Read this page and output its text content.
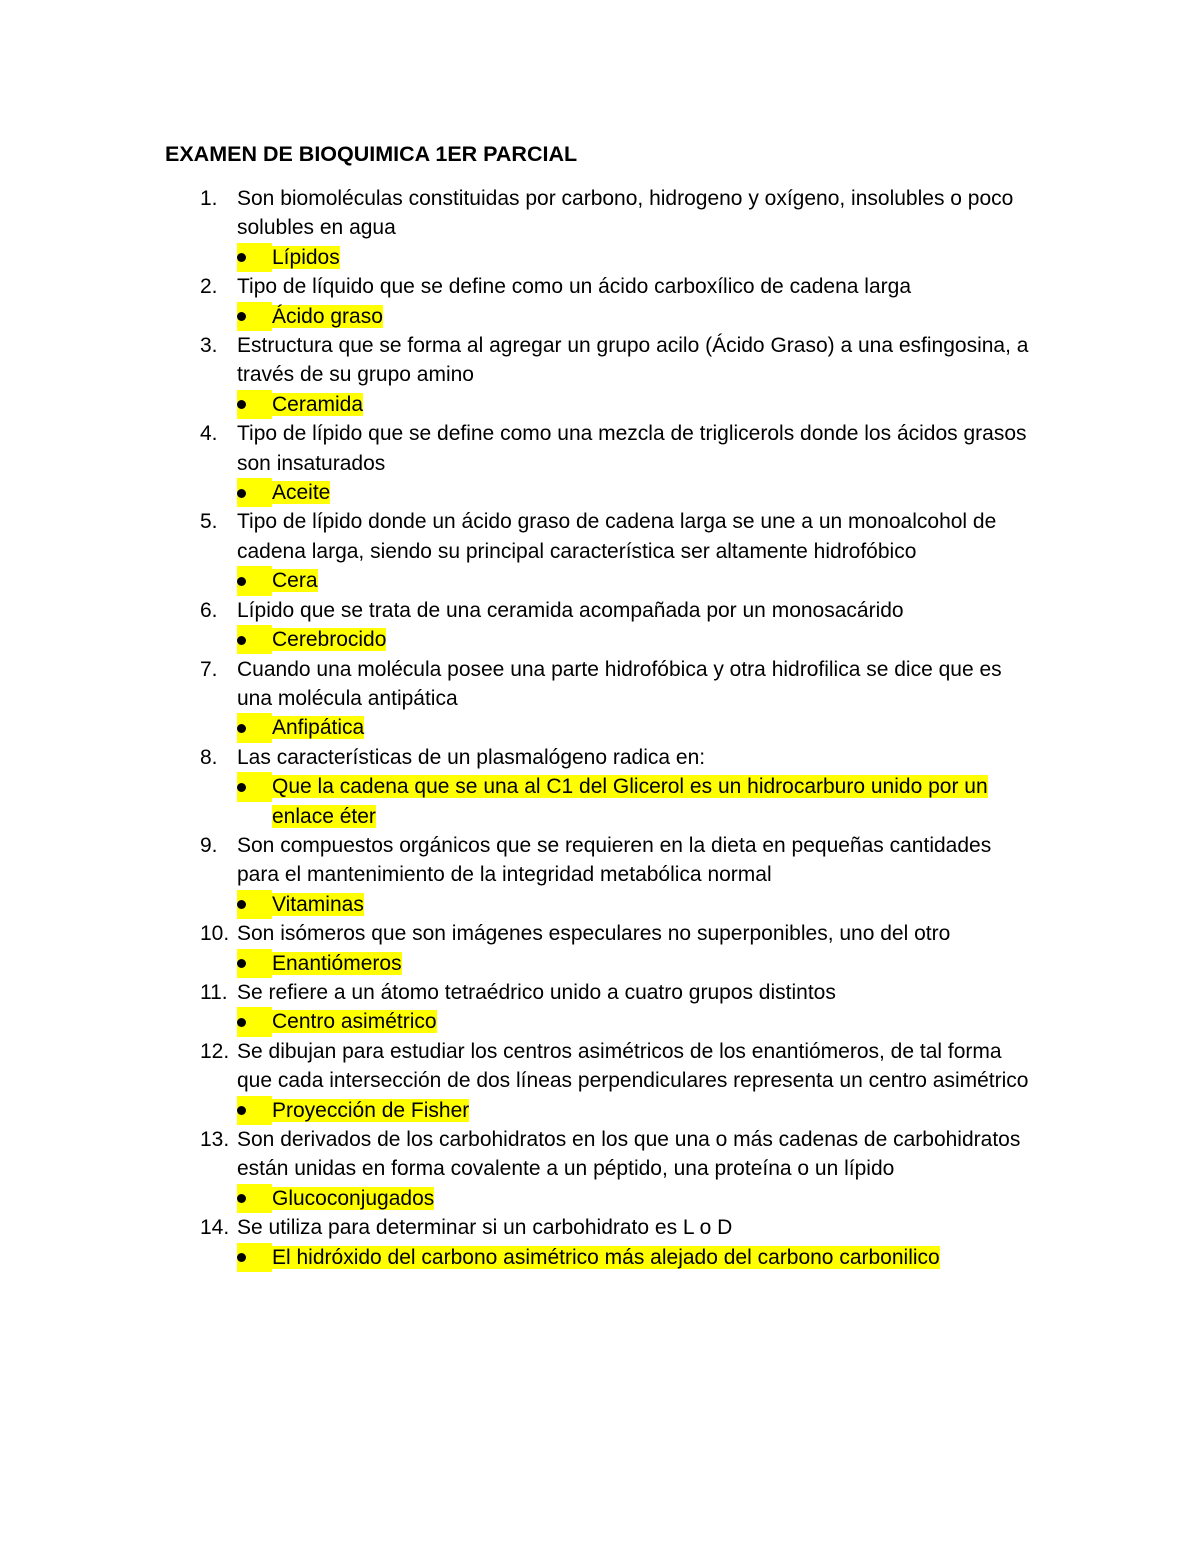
EXAMEN DE BIOQUIMICA 1ER PARCIAL
1. Son biomoléculas constituidas por carbono, hidrogeno y oxígeno, insolubles o poco solubles en agua
Lípidos
2. Tipo de líquido que se define como un ácido carboxílico de cadena larga
Ácido graso
3. Estructura que se forma al agregar un grupo acilo (Ácido Graso) a una esfingosina, a través de su grupo amino
Ceramida
4. Tipo de lípido que se define como una mezcla de triglicerols donde los ácidos grasos son insaturados
Aceite
5. Tipo de lípido donde un ácido graso de cadena larga se une a un monoalcohol de cadena larga, siendo su principal característica ser altamente hidrofóbico
Cera
6. Lípido que se trata de una ceramida acompañada por un monosacárido
Cerebrocido
7. Cuando una molécula posee una parte hidrofóbica y otra hidrofilica se dice que es una molécula antipática
Anfipática
8. Las características de un plasmalógeno radica en:
Que la cadena que se una al C1 del Glicerol es un hidrocarburo unido por un enlace éter
9. Son compuestos orgánicos que se requieren en la dieta en pequeñas cantidades para el mantenimiento de la integridad metabólica normal
Vitaminas
10. Son isómeros que son imágenes especulares no superponibles, uno del otro
Enantiómeros
11. Se refiere a un átomo tetraédrico unido a cuatro grupos distintos
Centro asimétrico
12. Se dibujan para estudiar los centros asimétricos de los enantiómeros, de tal forma que cada intersección de dos líneas perpendiculares representa un centro asimétrico
Proyección de Fisher
13. Son derivados de los carbohidratos en los que una o más cadenas de carbohidratos están unidas en forma covalente a un péptido, una proteína o un lípido
Glucoconjugados
14. Se utiliza para determinar si un carbohidrato es L o D
El hidróxido del carbono asimétrico más alejado del carbono carbonilico
